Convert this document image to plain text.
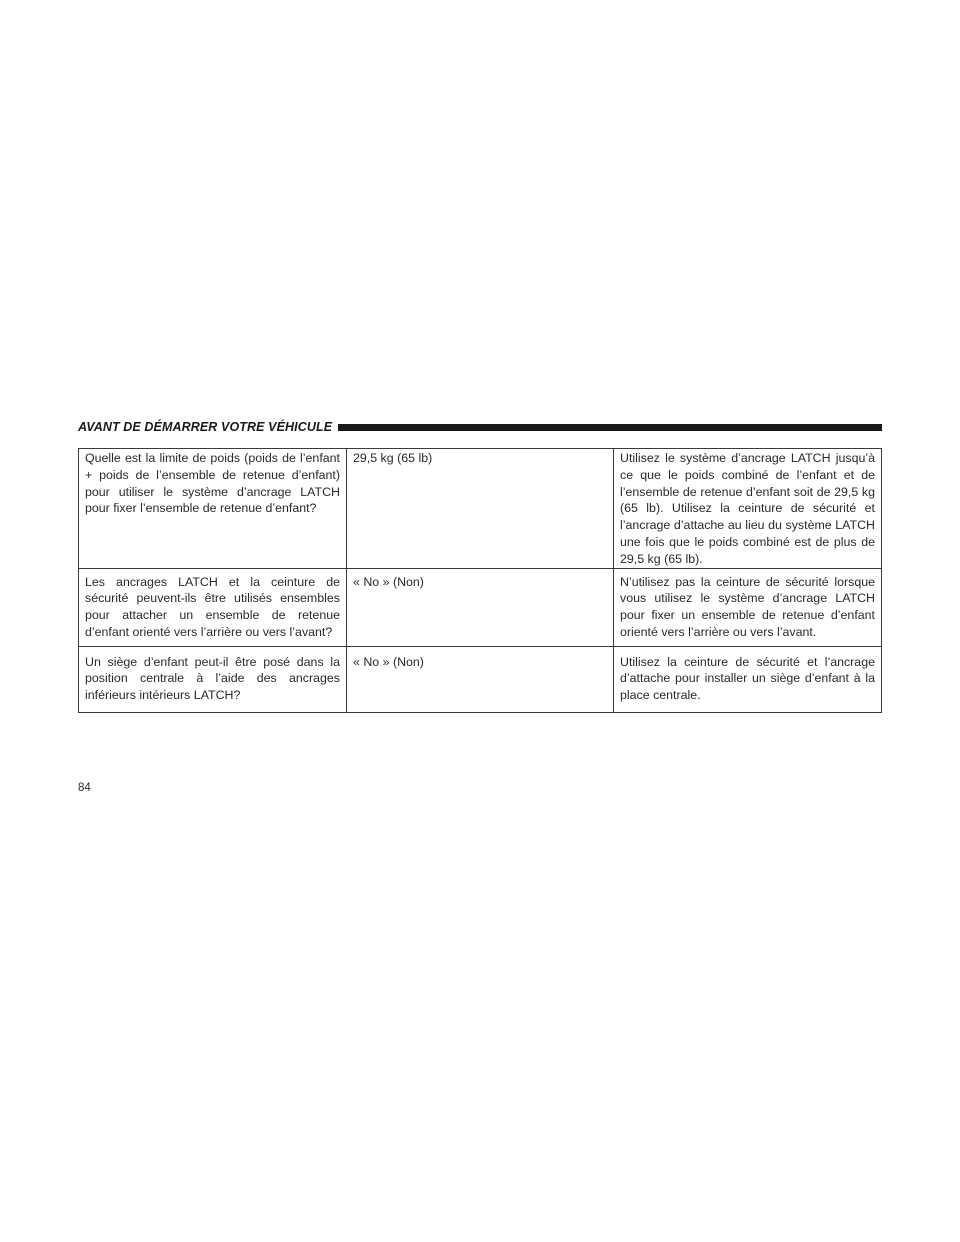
AVANT DE DÉMARRER VOTRE VÉHICULE
Quelle est la limite de poids (poids de l’enfant + poids de l’ensemble de retenue d’enfant) pour utiliser le système d’ancrage LATCH pour fixer l’ensemble de retenue d’enfant?	29,5 kg (65 lb)	Utilisez le système d’ancrage LATCH jusqu’à ce que le poids combiné de l’enfant et de l’ensemble de retenue d’enfant soit de 29,5 kg (65 lb). Utilisez la ceinture de sécurité et l’ancrage d’attache au lieu du système LATCH une fois que le poids combiné est de plus de 29,5 kg (65 lb).
Les ancrages LATCH et la ceinture de sécurité peuvent-ils être utilisés ensembles pour attacher un ensemble de retenue d’enfant orienté vers l’arrière ou vers l’avant?	« No » (Non)	N’utilisez pas la ceinture de sécurité lorsque vous utilisez le système d’ancrage LATCH pour fixer un ensemble de retenue d’enfant orienté vers l’arrière ou vers l’avant.
Un siège d’enfant peut-il être posé dans la position centrale à l’aide des ancrages inférieurs intérieurs LATCH?	« No » (Non)	Utilisez la ceinture de sécurité et l’ancrage d’attache pour installer un siège d’enfant à la place centrale.
84
